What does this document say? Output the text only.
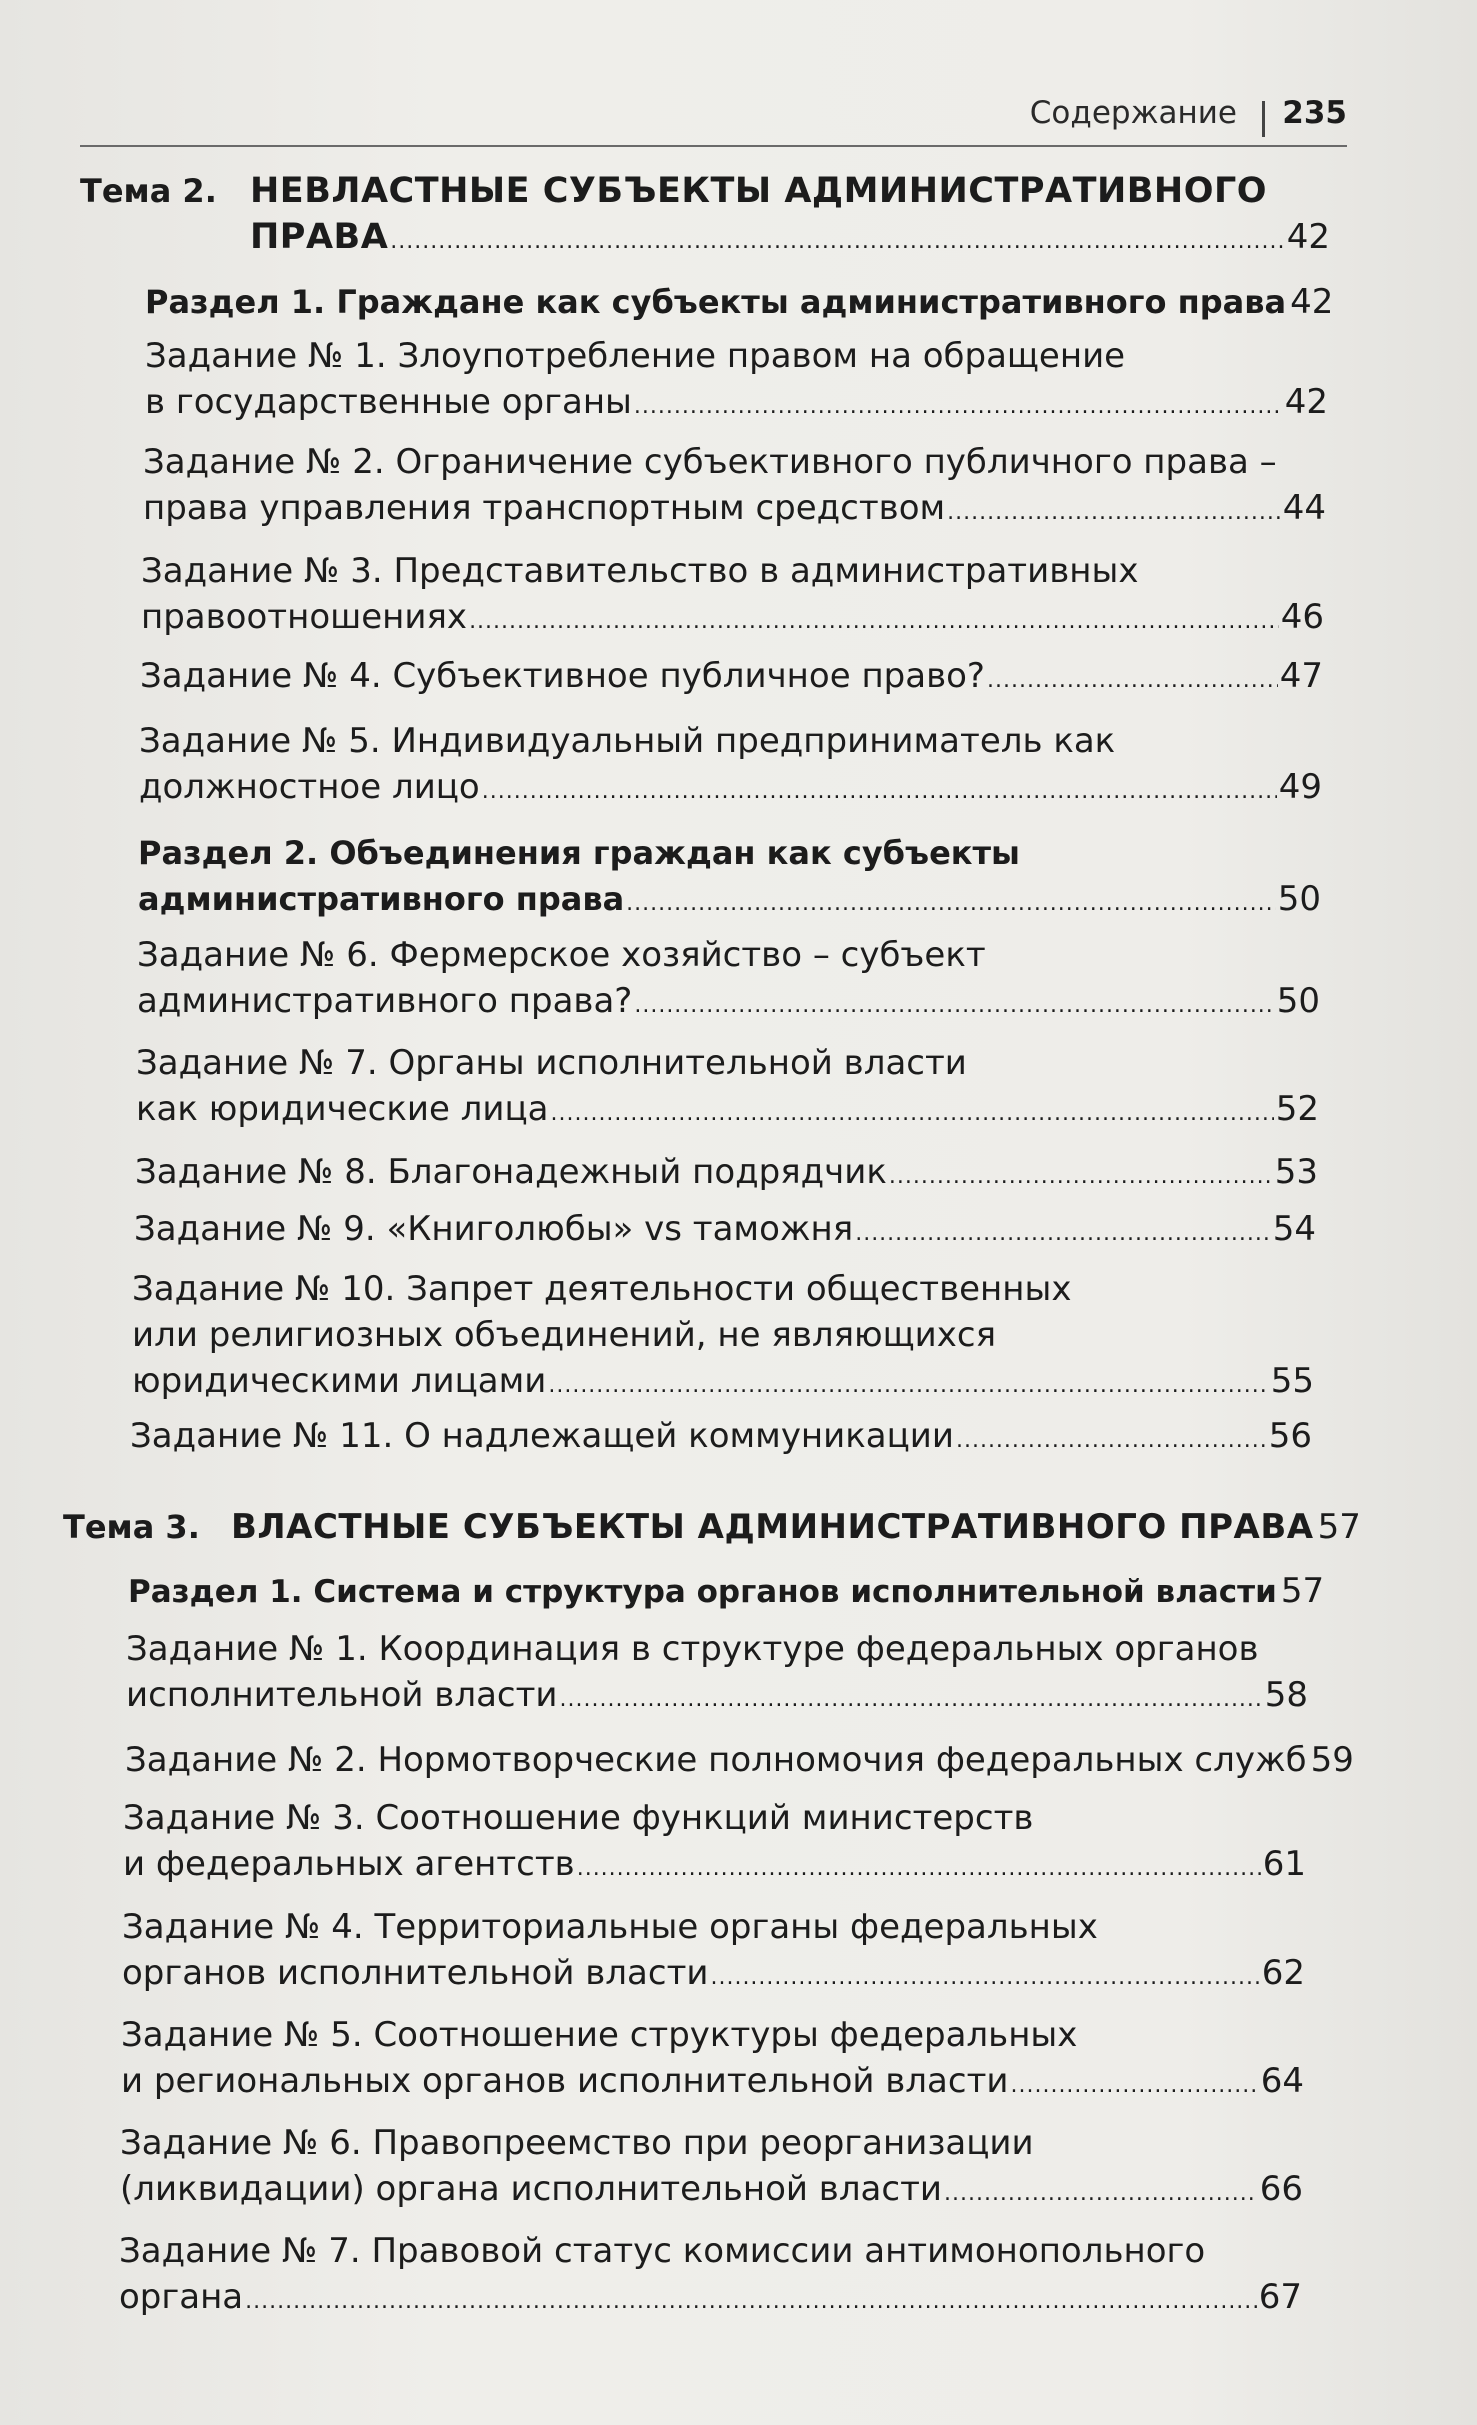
Содержание 235
Тема 2. НЕВЛАСТНЫЕ СУБЪЕКТЫ АДМИНИСТРАТИВНОГО
ПРАВА .....	42
Раздел 1. Граждане как субъекты административного права 42
Задание № 1. Злоупотребление правом на обращение
в государственные органы .....	42
Задание № 2. Ограничение субъективного публичного права –
права управления транспортным средством .....	44
Задание № 3. Представительство в административных
правоотношениях .....	46
Задание № 4. Субъективное публичное право? .....	47
Задание № 5. Индивидуальный предприниматель как
должностное лицо .....	49
Раздел 2. Объединения граждан как субъекты
административного права .....	50
Задание № 6. Фермерское хозяйство – субъект
административного права? .....	50
Задание № 7. Органы исполнительной власти
как юридические лица .....	52
Задание № 8. Благонадежный подрядчик .....	53
Задание № 9. «Книголюбы» vs таможня .....	54
Задание № 10. Запрет деятельности общественных
или религиозных объединений, не являющихся
юридическими лицами .....	55
Задание № 11. О надлежащей коммуникации .....	56
Тема 3. ВЛАСТНЫЕ СУБЪЕКТЫ АДМИНИСТРАТИВНОГО ПРАВА 57
Раздел 1. Система и структура органов исполнительной власти 57
Задание № 1. Координация в структуре федеральных органов
исполнительной власти .....	58
Задание № 2. Нормотворческие полномочия федеральных служб 59
Задание № 3. Соотношение функций министерств
и федеральных агентств .....	61
Задание № 4. Территориальные органы федеральных
органов исполнительной власти .....	62
Задание № 5. Соотношение структуры федеральных
и региональных органов исполнительной власти .....	64
Задание № 6. Правопреемство при реорганизации
(ликвидации) органа исполнительной власти .....	66
Задание № 7. Правовой статус комиссии антимонопольного
органа .....	67
